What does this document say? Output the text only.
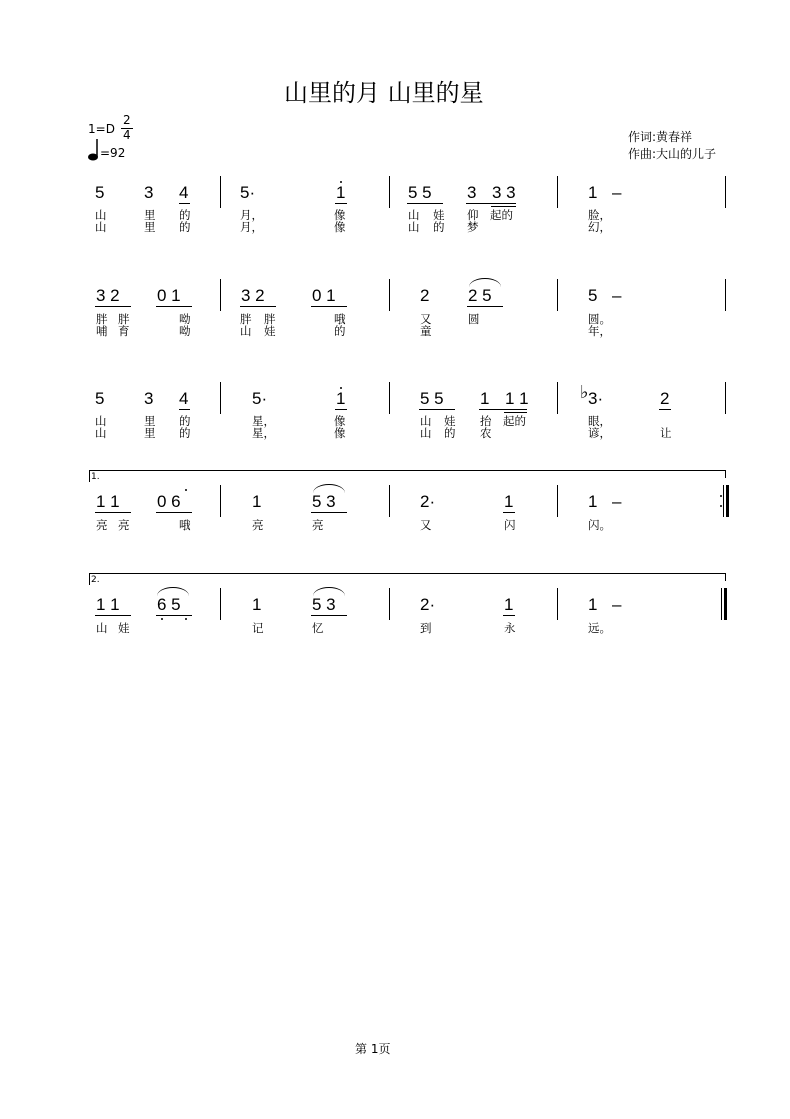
山里的月 山里的星
1=D
2
4
=92
作词:黄春祥
作曲:大山的儿子
5 3 4	5·	1	5 5 3 3 3	1 –
山	里 的	月，	像	山 娃 仰 起的	脸，
山	里 的	月，	像	山 的 梦	幻，
3 2 0 1	3 2	0 1	2 2 5	5 –
胖 胖	呦	胖 胖	哦	又	圆	圆。
哺 育	呦	山 娃	的	童	年，
5 3 4	5·	1	5 5 1 1 1	♭ 3·	2
山	里 的	星，	像	山 娃 抬 起的	眼，
山	里 的	星，	像	山 的 农	谚，	让
1.
1 1 0 6	1	5 3	2·	1	1 –
亮 亮	哦	亮	亮	又	闪	闪。
2.
1 1 6 5	1	5 3	2·	1	1 –
山 娃	记	忆	到	永	远。
第 1页
